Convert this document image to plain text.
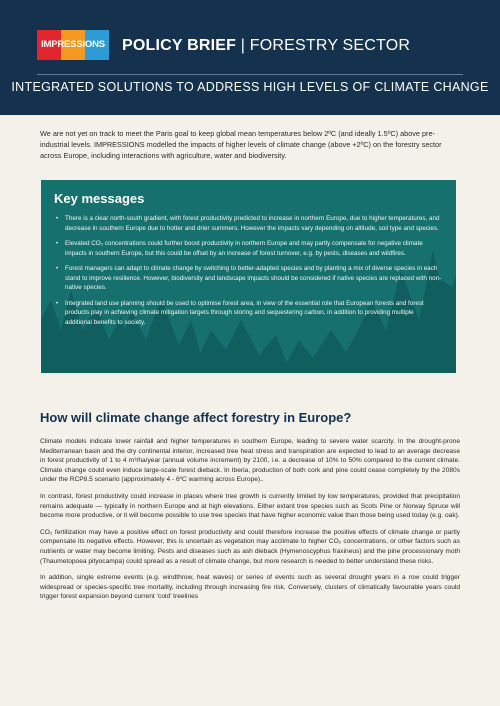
IMPRESSIONS POLICY BRIEF | FORESTRY SECTOR
INTEGRATED SOLUTIONS TO ADDRESS HIGH LEVELS OF CLIMATE CHANGE
We are not yet on track to meet the Paris goal to keep global mean temperatures below 2ºC (and ideally 1.5ºC) above pre-industrial levels. IMPRESSIONS modelled the impacts of higher levels of climate change (above +2ºC) on the forestry sector across Europe, including interactions with agriculture, water and biodiversity.
Key messages
• There is a clear north-south gradient, with forest productivity predicted to increase in northern Europe, due to higher temperatures, and decrease in southern Europe due to hotter and drier summers. However the impacts vary depending on altitude, soil type and species.
• Elevated CO₂ concentrations could further boost productivity in northern Europe and may partly compensate for negative climate impacts in southern Europe, but this could be offset by an increase of forest turnover, e.g. by pests, diseases and wildfires.
• Forest managers can adapt to climate change by switching to better-adapted species and by planting a mix of diverse species in each stand to improve resilience. However, biodiversity and landscape impacts should be considered if native species are replaced with non-native species.
• Integrated land use planning should be used to optimise forest area, in view of the essential role that European forests and forest products play in achieving climate mitigation targets through storing and sequestering carbon, in addition to providing multiple additional benefits to society.
How will climate change affect forestry in Europe?

Climate models indicate lower rainfall and higher temperatures in southern Europe, leading to severe water scarcity. In the drought-prone Mediterranean basin and the dry continental interior, increased tree heat stress and transpiration are expected to lead to an average decrease in forest productivity of 1 to 4 m³/ha/year (annual volume increment) by 2100, i.e. a decrease of 10% to 50% compared to the current climate. Climate change could even induce large-scale forest dieback. In Iberia, production of both cork and pine could cease completely by the 2080s under the RCP8.5 scenario (approximately 4 - 6ºC warming across Europe)..

In contrast, forest productivity could increase in places where tree growth is currently limited by low temperatures, provided that precipitation remains adequate — typically in northern Europe and at high elevations. Either extant tree species such as Scots Pine or Norway Spruce will become more productive, or it will become possible to use tree species that have higher economic value than those being used today (e.g. oak).

CO₂ fertilization may have a positive effect on forest productivity and could therefore increase the positive effects of climate change or partly compensate its negative effects. However, this is uncertain as vegetation may acclimate to higher CO₂ concentrations, or other factors such as nutrients or water may become limiting. Pests and diseases such as ash dieback (Hymenoscyphus fraxineus) and the pine processionary moth (Thaumetopoea pityocampa) could spread as a result of climate change, but more research is needed to better understand these risks.

In addition, single extreme events (e.g. windthrow, heat waves) or series of events such as several drought years in a row could trigger widespread or species-specific tree mortality, including through increasing fire risk. Conversely, clusters of climatically favourable years could trigger forest expansion beyond current ‘cold’ treelines
